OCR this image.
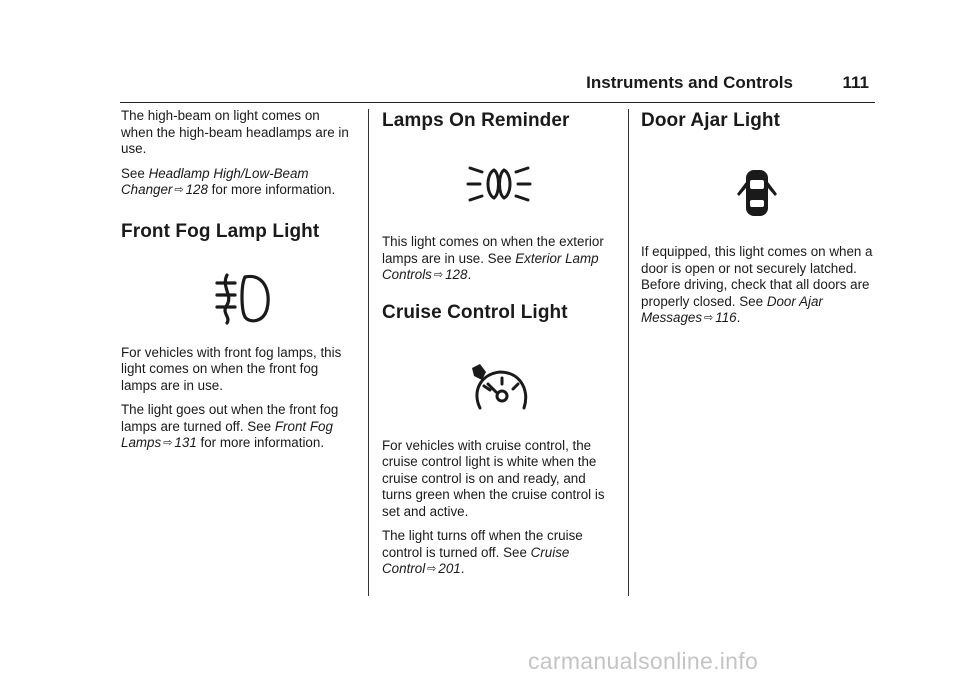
Instruments and Controls	111

The high-beam on light comes on when the high-beam headlamps are in use.

See Headlamp High/Low-Beam Changer ⇨ 128 for more information.

Front Fog Lamp Light

For vehicles with front fog lamps, this light comes on when the front fog lamps are in use.

The light goes out when the front fog lamps are turned off. See Front Fog Lamps ⇨ 131 for more information.

Lamps On Reminder

This light comes on when the exterior lamps are in use. See Exterior Lamp Controls ⇨ 128.

Cruise Control Light

For vehicles with cruise control, the cruise control light is white when the cruise control is on and ready, and turns green when the cruise control is set and active.

The light turns off when the cruise control is turned off. See Cruise Control ⇨ 201.

Door Ajar Light

If equipped, this light comes on when a door is open or not securely latched. Before driving, check that all doors are properly closed. See Door Ajar Messages ⇨ 116.

carmanualsonline.info
